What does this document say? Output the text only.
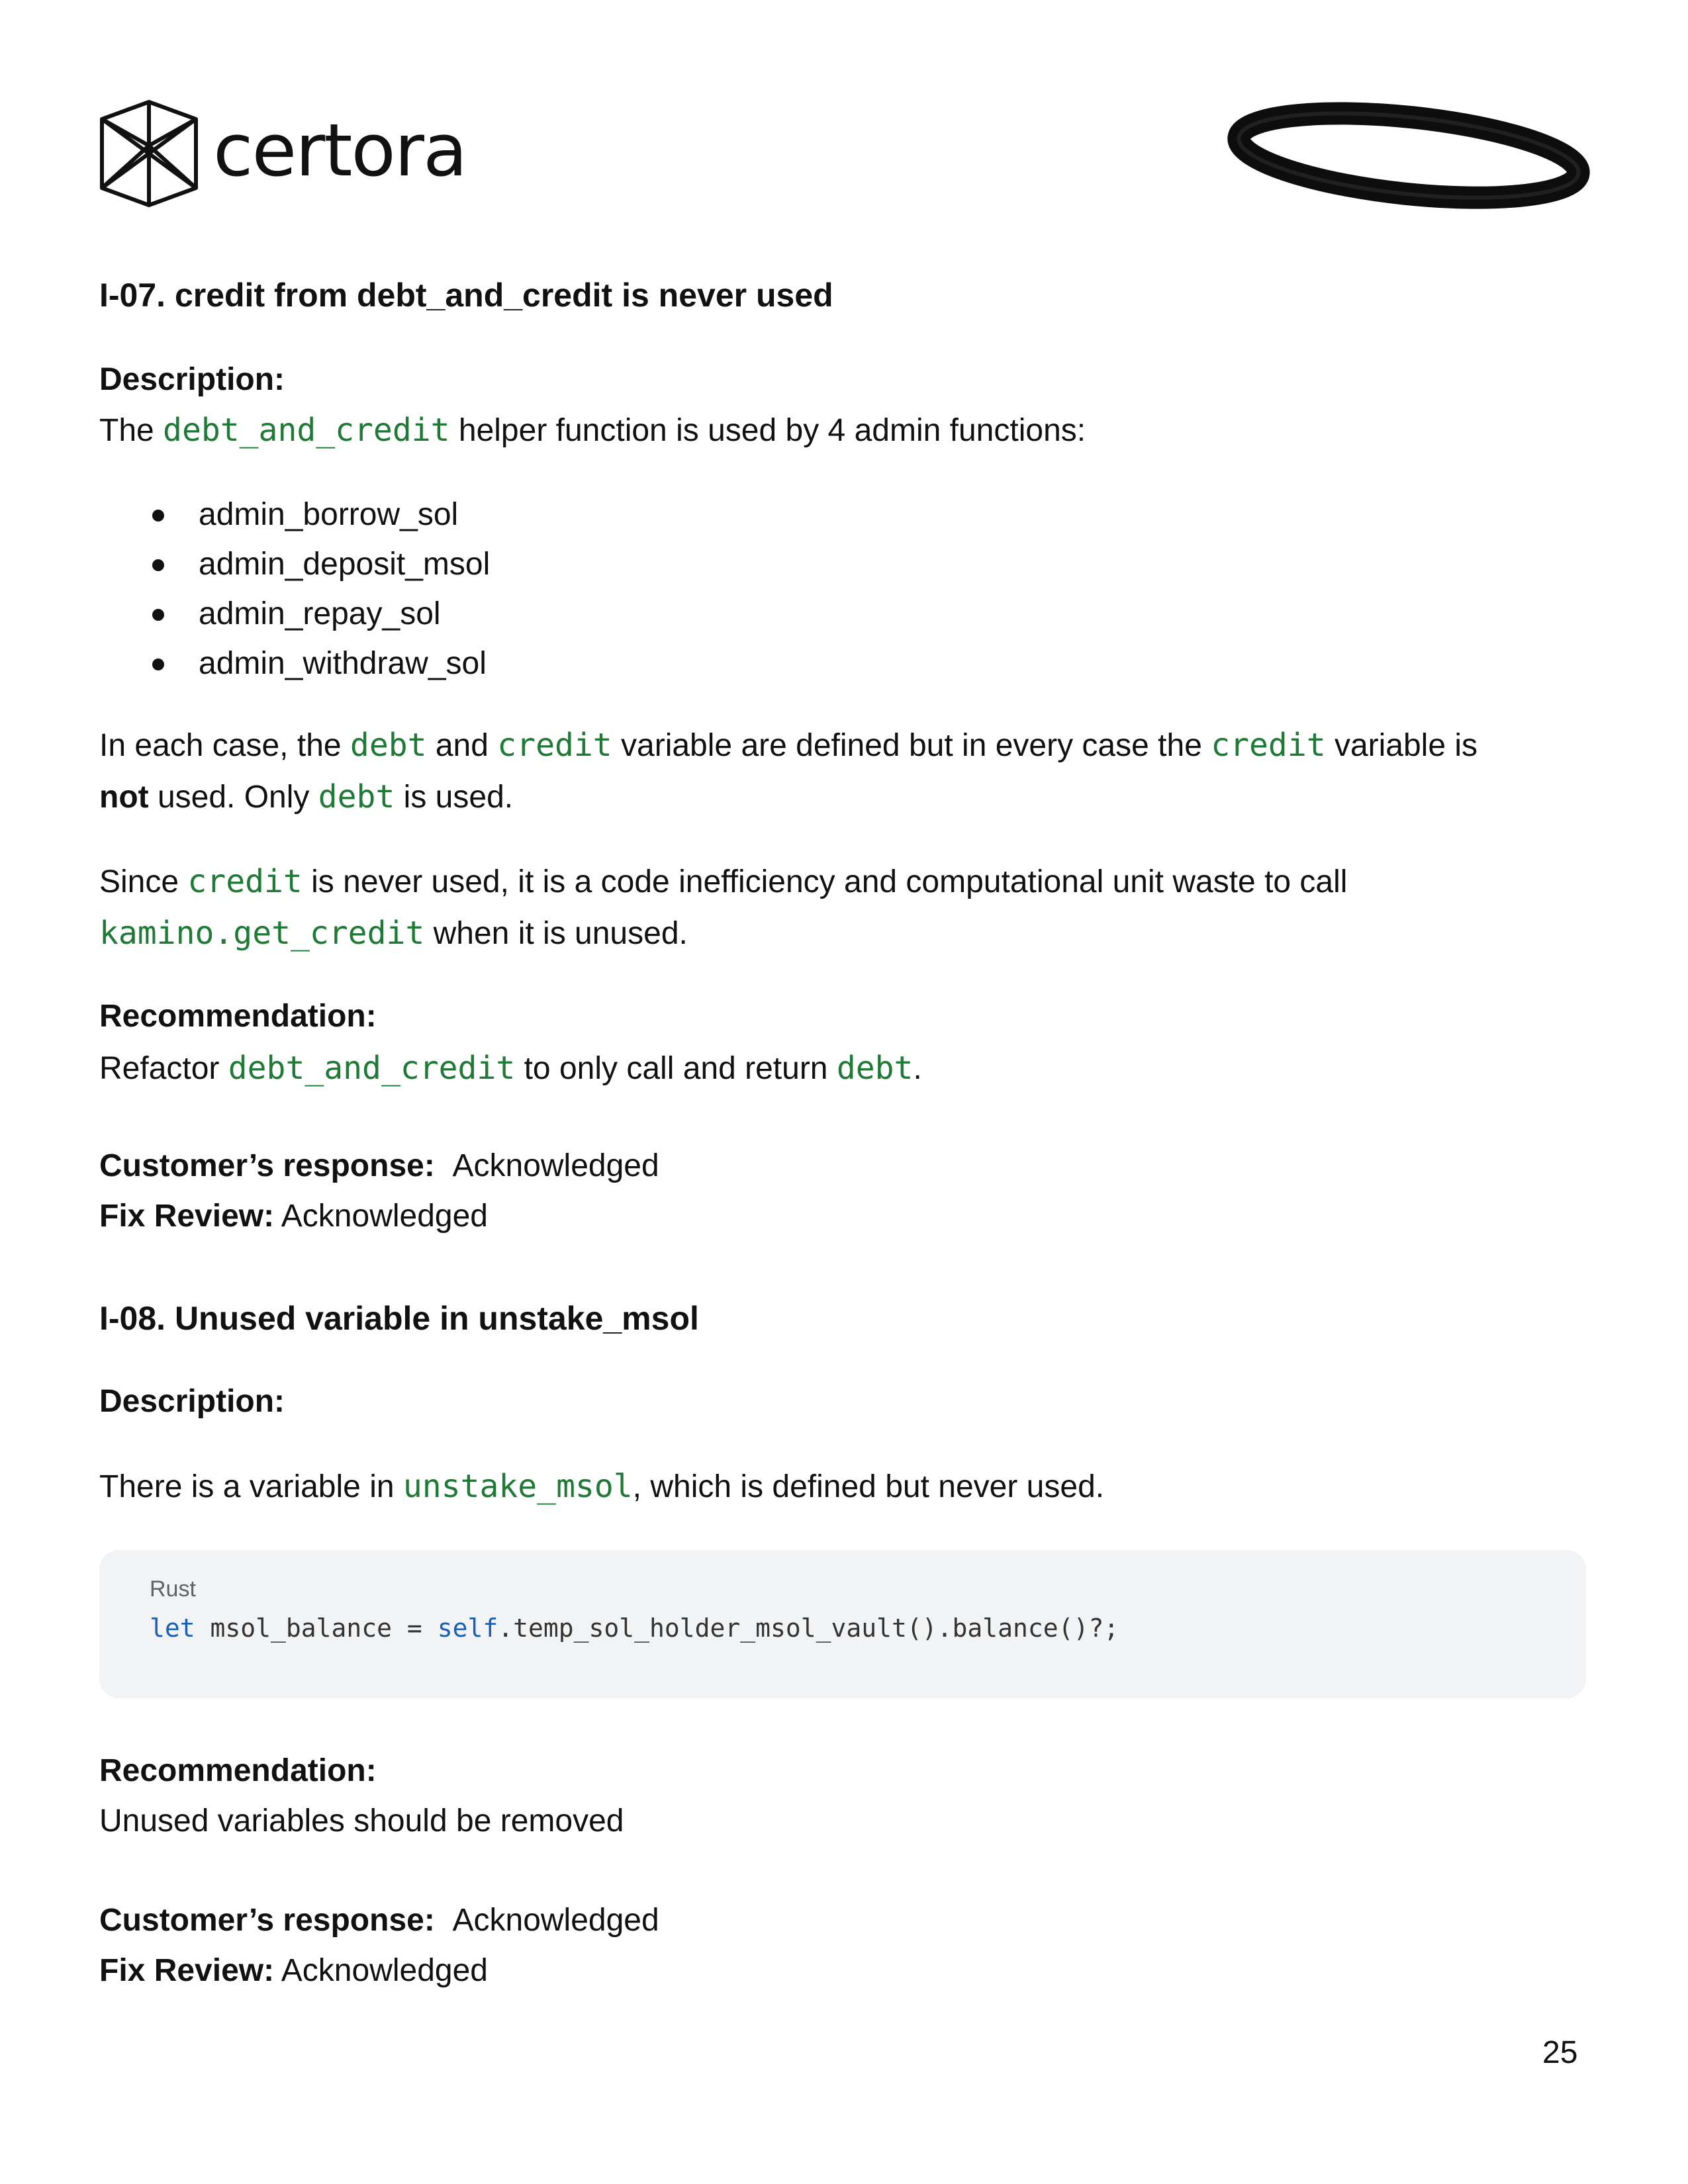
certora
I-07. credit from debt_and_credit is never used
Description:
The debt_and_credit helper function is used by 4 admin functions:
admin_borrow_sol
admin_deposit_msol
admin_repay_sol
admin_withdraw_sol
In each case, the debt and credit variable are defined but in every case the credit variable is
not used. Only debt is used.
Since credit is never used, it is a code inefficiency and computational unit waste to call
kamino.get_credit when it is unused.
Recommendation:
Refactor debt_and_credit to only call and return debt.
Customer’s response: Acknowledged
Fix Review: Acknowledged
I-08. Unused variable in unstake_msol
Description:
There is a variable in unstake_msol, which is defined but never used.
Rust
let msol_balance = self.temp_sol_holder_msol_vault().balance()?;
Recommendation:
Unused variables should be removed
Customer’s response: Acknowledged
Fix Review: Acknowledged
25
